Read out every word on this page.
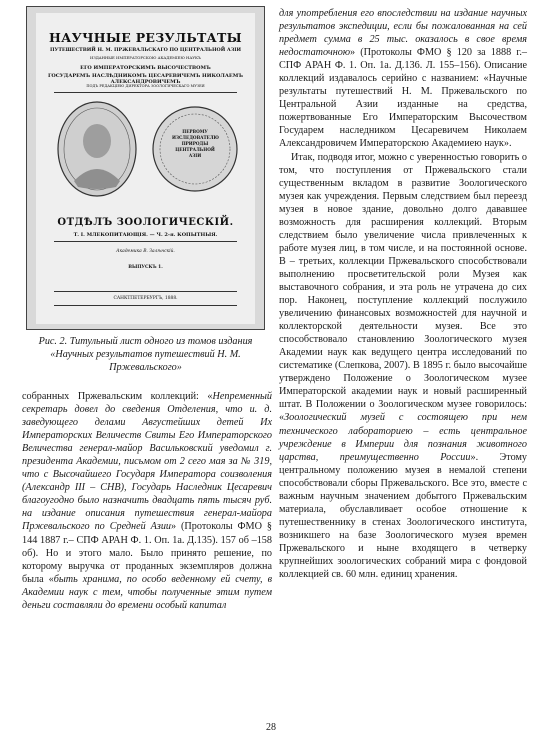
НАУЧНЫЕ РЕЗУЛЬТАТЫ
ПУТЕШЕСТВИЙ Н. М. ПРЖЕВАЛЬСКАГО ПО ЦЕНТРАЛЬНОЙ АЗІИ
ИЗДАННЫЕ ИМПЕРАТОРСКОЮ АКАДЕМІЕЮ НАУКЪ
ЕГО ИМПЕРАТОРСКИМЪ ВЫСОЧЕСТВОМЪ
ГОСУДАРЕМЪ НАСЛѢДНИКОМЪ ЦЕСАРЕВИЧЕМЪ НИКОЛАЕМЪ АЛЕКСАНДРОВИЧЕМЪ
ПОДЪ РЕДАКЦІЕЮ ДИРЕКТОРА ЗООЛОГИЧЕСКАГО МУЗЕЯ
ПЕРВОМУ ИЗСЛЕДОВАТЕЛЮ ПРИРОДЫ ЦЕНТРАЛЬНОЙ АЗІИ
ОТДѢЛЪ ЗООЛОГИЧЕСКІЙ.
Т. I. МЛЕКОПИТАЮЩІЯ. — Ч. 2-я. КОПЫТНЫЯ.
Академика В. Залѣнскій.
ВЫПУСКЪ 1.
САНКТПЕТЕРБУРГЪ, 1888.
Рис. 2. Титульный лист одного из томов издания «Научных результатов путешествий Н. М. Пржевальского»

собранных Пржевальским коллекций: «Непременный секретарь довел до сведения Отделения, что и. д. заведующего делами Августейших детей Их Императорских Величеств Свиты Его Императорского Величества генерал-майор Васильковский уведомил г. президента Академии, письмом от 2 сего мая за № 319, что с Высочайшего Государя Императора соизволения (Александр III – СНВ), Государь Наследник Цесаревич благоугодно было назначить двадцать пять тысяч руб. на издание описания путешествия генерал-майора Пржевальского по Средней Азии» (Протоколы ФМО § 144 1887 г.– СПФ АРАН Ф. 1. Оп. 1а. Д.135). 157 об –158 об). Но и этого мало. Было принято решение, по которому выручка от проданных экземпляров должна была «быть хранима, по особо веденному ей счету, в Академии наук с тем, чтобы полученные этим путем деньги составляли до времени особый капитал

для употребления его впоследствии на издание научных результатов экспедиции, если бы пожалованная на сей предмет сумма в 25 тыс. оказалось в свое время недостаточною» (Протоколы ФМО § 120 за 1888 г.– СПФ АРАН Ф. 1. Оп. 1а. Д.136. Л. 155–156). Описание коллекций издавалось серийно с названием: «Научные результаты путешествий Н. М. Пржевальского по Центральной Азии изданные на средства, пожертвованные Его Императорским Высочеством Государем наследником Цесаревичем Николаем Александровичем Императорскою Академиею наук».

Итак, подводя итог, можно с уверенностью говорить о том, что поступления от Пржевальского стали существенным вкладом в развитие Зоологического музея как учреждения. Первым следствием был переезд музея в новое здание, довольно долго дававшее возможность для расширения коллекций. Вторым следствием было увеличение числа привлеченных к работе музея лиц, в том числе, и на постоянной основе. В – третьих, коллекции Пржевальского способствовали выполнению просветительской роли Музея как выставочного собрания, и эта роль не утрачена до сих пор. Наконец, поступление коллекций послужило увеличению финансовых возможностей для научной и коллекторской деятельности музея. Все это способствовало становлению Зоологического музея Академии наук как ведущего центра исследований по систематике (Слепкова, 2007). В 1895 г. было высочайше утверждено Положение о Зоологическом музее Императорской академии наук и новый расширенный штат. В Положении о Зоологическом музее говорилось: «Зоологический музей с состоящею при нем технического лабораториею – есть центральное учреждение в Империи для познания животного царства, преимущественно России». Этому центральному положению музея в немалой степени способствовали сборы Пржевальского. Все это, вместе с важным научным значением добытого Пржевальским материала, обуславливает особое отношение к путешественнику в стенах Зоологического института, возникшего на базе Зоологического музея времен Пржевальского и ныне входящего в четверку крупнейших зоологических собраний мира с фондовой коллекцией св. 60 млн. единиц хранения.

28
